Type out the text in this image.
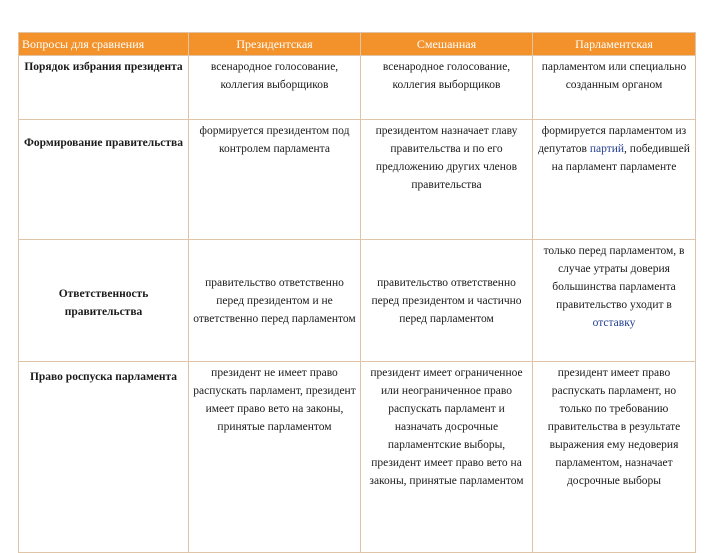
Вопросы для сравнения	Президентская	Смешанная	Парламентская
Порядок избрания президента	всенародное голосование, коллегия выборщиков	всенародное голосование, коллегия выборщиков	парламентом или специально созданным органом
Формирование правительства	формируется президентом под контролем парламента	президентом назначает главу правительства и по его предложению других членов правительства	формируется парламентом из депутатов партий, победившей на парламент парламенте
Ответственность правительства	правительство ответственно перед президентом и не ответственно перед парламентом	правительство ответственно перед президентом и частично перед парламентом	только перед парламентом, в случае утраты доверия большинства парламента правительство уходит в отставку
Право роспуска парламента	президент не имеет право распускать парламент, президент имеет право вето на законы, принятые парламентом	президент имеет ограниченное или неограниченное право распускать парламент и назначать досрочные парламентские выборы, президент имеет право вето на законы, принятые парламентом	президент имеет право распускать парламент, но только по требованию правительства в результате выражения ему недоверия парламентом, назначает досрочные выборы
